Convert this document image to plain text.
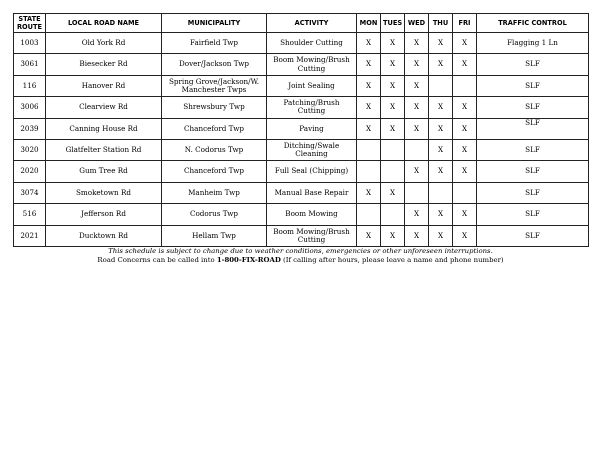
STATE ROUTE	LOCAL ROAD NAME	MUNICIPALITY	ACTIVITY	MON	TUES	WED	THU	FRI	TRAFFIC CONTROL
1003	Old York Rd	Fairfield Twp	Shoulder Cutting	X	X	X	X	X	Flagging 1 Ln
3061	Biesecker Rd	Dover/Jackson Twp	Boom Mowing/Brush Cutting	X	X	X	X	X	SLF
116	Hanover Rd	Spring Grove/Jackson/W. Manchester Twps	Joint Sealing	X	X	X			SLF
3006	Clearview Rd	Shrewsbury Twp	Patching/Brush Cutting	X	X	X	X	X	SLF
2039	Canning House Rd	Chanceford Twp	Paving	X	X	X	X	X	SLF
3020	Glatfelter Station Rd	N. Codorus Twp	Ditching/Swale Cleaning				X	X	SLF
2020	Gum Tree Rd	Chanceford Twp	Full Seal (Chipping)			X	X	X	SLF
3074	Smoketown Rd	Manheim Twp	Manual Base Repair	X	X				SLF
516	Jefferson Rd	Codorus Twp	Boom Mowing			X	X	X	SLF
2021	Ducktown Rd	Hellam Twp	Boom Mowing/Brush Cutting	X	X	X	X	X	SLF
This schedule is subject to change due to weather conditions, emergencies or other unforeseen interruptions.
Road Concerns can be called into 1-800-FIX-ROAD (If calling after hours, please leave a name and phone number)
